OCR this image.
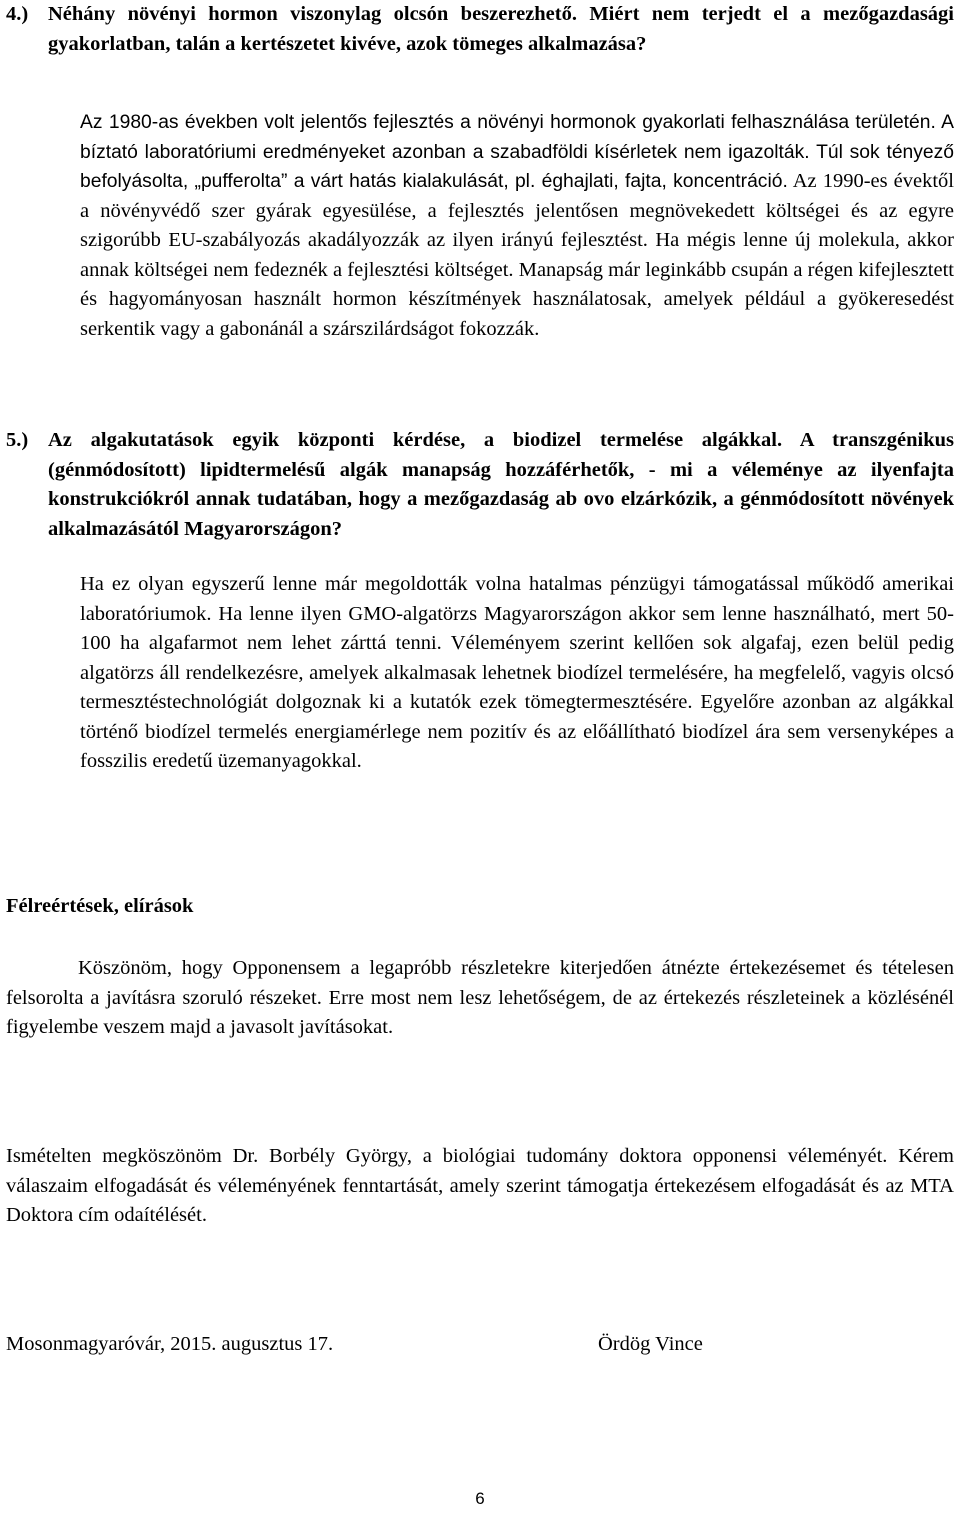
4.) Néhány növényi hormon viszonylag olcsón beszerezhető. Miért nem terjedt el a mezőgazdasági gyakorlatban, talán a kertészetet kivéve, azok tömeges alkalmazása?

Az 1980-as években volt jelentős fejlesztés a növényi hormonok gyakorlati felhasználása területén. A bíztató laboratóriumi eredményeket azonban a szabadföldi kísérletek nem igazolták. Túl sok tényező befolyásolta, „pufferolta” a várt hatás kialakulását, pl. éghajlati, fajta, koncentráció. Az 1990-es évektől a növényvédő szer gyárak egyesülése, a fejlesztés jelentősen megnövekedett költségei és az egyre szigorúbb EU-szabályozás akadályozzák az ilyen irányú fejlesztést. Ha mégis lenne új molekula, akkor annak költségei nem fedeznék a fejlesztési költséget. Manapság már leginkább csupán a régen kifejlesztett és hagyományosan használt hormon készítmények használatosak, amelyek például a gyökeresedést serkentik vagy a gabonánál a szárszilárdságot fokozzák.

5.) Az algakutatások egyik központi kérdése, a biodizel termelése algákkal. A transzgénikus (génmódosított) lipidtermelésű algák manapság hozzáférhetők, - mi a véleménye az ilyenfajta konstrukciókról annak tudatában, hogy a mezőgazdaság ab ovo elzárkózik, a génmódosított növények alkalmazásától Magyarországon?

Ha ez olyan egyszerű lenne már megoldották volna hatalmas pénzügyi támogatással működő amerikai laboratóriumok. Ha lenne ilyen GMO-algatörzs Magyarországon akkor sem lenne használható, mert 50-100 ha algafarmot nem lehet zárttá tenni. Véleményem szerint kellően sok algafaj, ezen belül pedig algatörzs áll rendelkezésre, amelyek alkalmasak lehetnek biodízel termelésére, ha megfelelő, vagyis olcsó termesztéstechnológiát dolgoznak ki a kutatók ezek tömegtermesztésére. Egyelőre azonban az algákkal történő biodízel termelés energiamérlege nem pozitív és az előállítható biodízel ára sem versenyképes a fosszilis eredetű üzemanyagokkal.

Félreértések, elírások

Köszönöm, hogy Opponensem a legapróbb részletekre kiterjedően átnézte értekezésemet és tételesen felsorolta a javításra szoruló részeket. Erre most nem lesz lehetőségem, de az értekezés részleteinek a közlésénél figyelembe veszem majd a javasolt javításokat.

Ismételten megköszönöm Dr. Borbély György, a biológiai tudomány doktora opponensi véleményét. Kérem válaszaim elfogadását és véleményének fenntartását, amely szerint támogatja értekezésem elfogadását és az MTA Doktora cím odaítélését.

Mosonmagyaróvár, 2015. augusztus 17.	Ördög Vince
6
